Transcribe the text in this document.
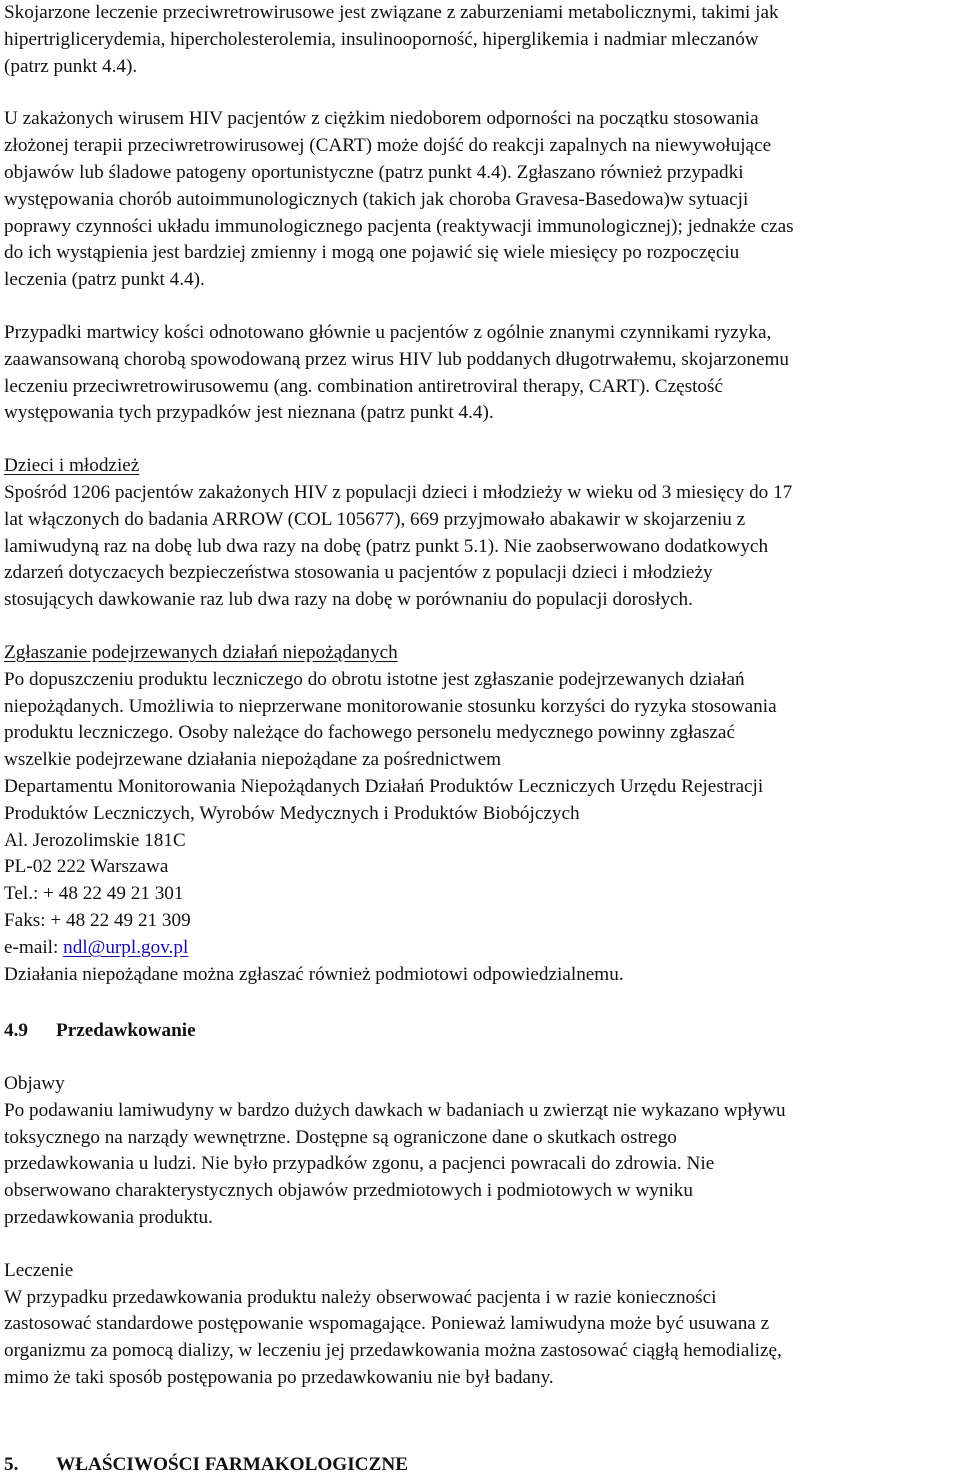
Skojarzone leczenie przeciwretrowirusowe jest związane z zaburzeniami metabolicznymi, takimi jak

hipertriglicerydemia, hipercholesterolemia, insulinooporność, hiperglikemia i nadmiar mleczanów

(patrz punkt 4.4).

U zakażonych wirusem HIV pacjentów z ciężkim niedoborem odporności na początku stosowania

złożonej terapii przeciwretrowirusowej (CART) może dojść do reakcji zapalnych na niewywołujące

objawów lub śladowe patogeny oportunistyczne (patrz punkt 4.4). Zgłaszano również przypadki

występowania chorób autoimmunologicznych (takich jak choroba Gravesa-Basedowa)w sytuacji

poprawy czynności układu immunologicznego pacjenta (reaktywacji immunologicznej); jednakże czas

do ich wystąpienia jest bardziej zmienny i mogą one pojawić się wiele miesięcy po rozpoczęciu

leczenia (patrz punkt 4.4).

Przypadki martwicy kości odnotowano głównie u pacjentów z ogólnie znanymi czynnikami ryzyka,

zaawansowaną chorobą spowodowaną przez wirus HIV lub poddanych długotrwałemu, skojarzonemu

leczeniu przeciwretrowirusowemu (ang. combination antiretroviral therapy, CART). Częstość

występowania tych przypadków jest nieznana (patrz punkt 4.4).

Dzieci i młodzież

Spośród 1206 pacjentów zakażonych HIV z populacji dzieci i młodzieży w wieku od 3 miesięcy do 17

lat włączonych do badania ARROW (COL 105677), 669 przyjmowało abakawir w skojarzeniu z

lamiwudyną raz na dobę lub dwa razy na dobę (patrz punkt 5.1). Nie zaobserwowano dodatkowych

zdarzeń dotyczacych bezpieczeństwa stosowania u pacjentów z populacji dzieci i młodzieży

stosujących dawkowanie raz lub dwa razy na dobę w porównaniu do populacji dorosłych.

Zgłaszanie podejrzewanych działań niepożądanych

Po dopuszczeniu produktu leczniczego do obrotu istotne jest zgłaszanie podejrzewanych działań

niepożądanych. Umożliwia to nieprzerwane monitorowanie stosunku korzyści do ryzyka stosowania

produktu leczniczego. Osoby należące do fachowego personelu medycznego powinny zgłaszać

wszelkie podejrzewane działania niepożądane za pośrednictwem

Departamentu Monitorowania Niepożądanych Działań Produktów Leczniczych Urzędu Rejestracji

Produktów Leczniczych, Wyrobów Medycznych i Produktów Biobójczych

Al. Jerozolimskie 181C

PL-02 222 Warszawa

Tel.: + 48 22 49 21 301

Faks: + 48 22 49 21 309

e-mail: ndl@urpl.gov.pl

Działania niepożądane można zgłaszać również podmiotowi odpowiedzialnemu.

4.9 Przedawkowanie

Objawy

Po podawaniu lamiwudyny w bardzo dużych dawkach w badaniach u zwierząt nie wykazano wpływu

toksycznego na narządy wewnętrzne. Dostępne są ograniczone dane o skutkach ostrego

przedawkowania u ludzi. Nie było przypadków zgonu, a pacjenci powracali do zdrowia. Nie

obserwowano charakterystycznych objawów przedmiotowych i podmiotowych w wyniku

przedawkowania produktu.

Leczenie

W przypadku przedawkowania produktu należy obserwować pacjenta i w razie konieczności

zastosować standardowe postępowanie wspomagające. Ponieważ lamiwudyna może być usuwana z

organizmu za pomocą dializy, w leczeniu jej przedawkowania można zastosować ciągłą hemodializę,

mimo że taki sposób postępowania po przedawkowaniu nie był badany.

5. WŁAŚCIWOŚCI FARMAKOLOGICZNE
